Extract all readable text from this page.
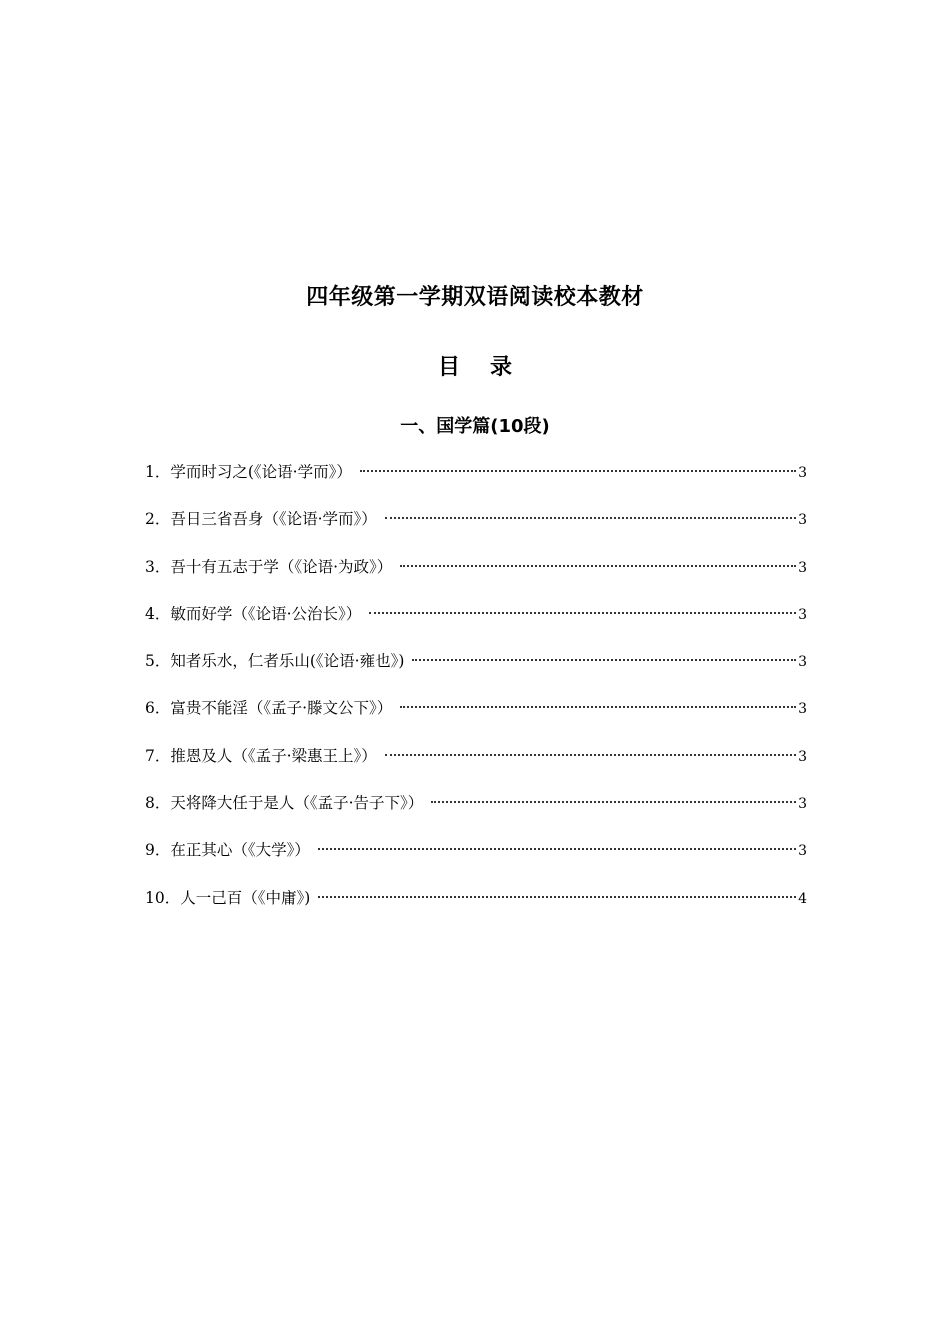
四年级第一学期双语阅读校本教材
目 录
一、国学篇(10段)
1．学而时习之(《论语·学而》）	3
2．吾日三省吾身（《论语·学而》）	3
3．吾十有五志于学（《论语·为政》）	3
4．敏而好学（《论语·公治长》）	3
5．知者乐水，仁者乐山(《论语·雍也》)	3
6．富贵不能淫（《孟子·滕文公下》）	3
7．推恩及人（《孟子·梁惠王上》）	3
8．天将降大任于是人（《孟子·告子下》）	3
9．在正其心（《大学》）	3
10．人一己百（《中庸》)	4
